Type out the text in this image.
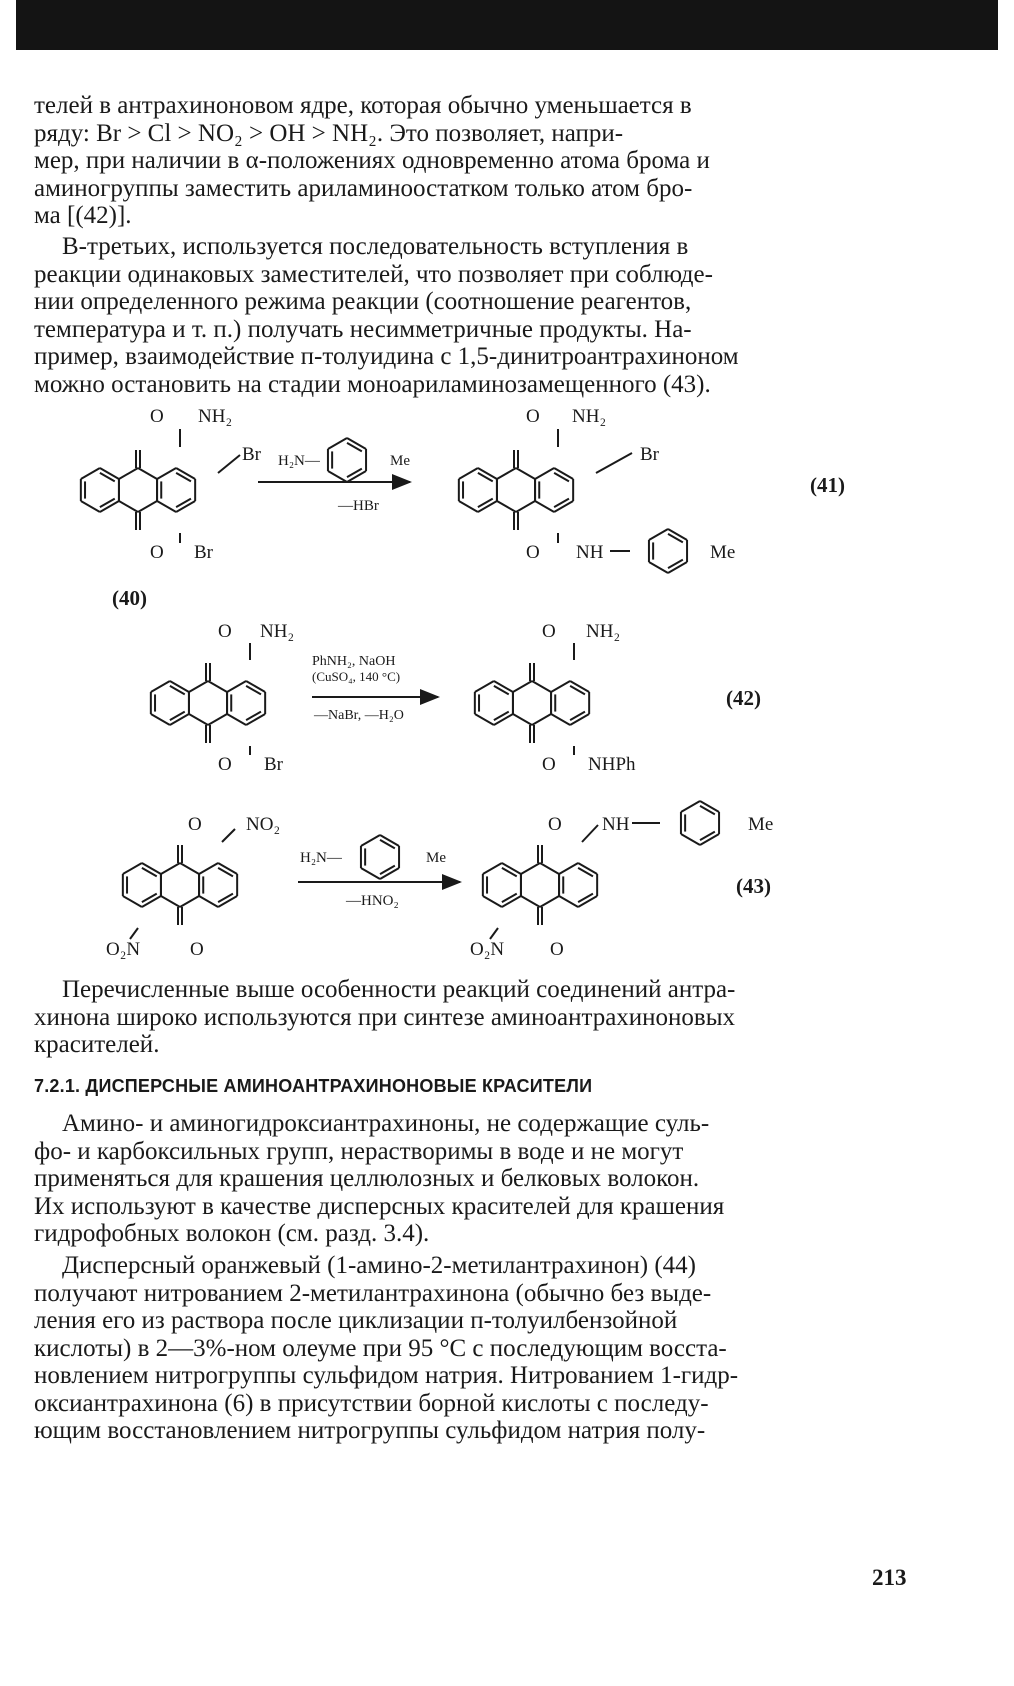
телей в антрахиноновом ядре, которая обычно уменьшается в
ряду: Br > Cl > NO₂ > OH > NH₂. Это позволяет, напри-
мер, при наличии в α-положениях одновременно атома брома и
аминогруппы заместить ариламиноостатком только атом бро-
ма [(42)].
В-третьих, используется последовательность вступления в
реакции одинаковых заместителей, что позволяет при соблюде-
нии определенного режима реакции (соотношение реагентов,
температура и т. п.) получать несимметричные продукты. На-
пример, взаимодействие п-толуидина с 1,5-динитроантрахиноном
можно остановить на стадии моноариламинозамещенного (43).
O NH₂
Br
O Br
H₂N—	Me
—HBr
O NH₂
Br
O NH	Me
(41)
(40)
O NH₂
O Br
PhNH₂, NaOH
(CuSO₄, 140 °C)
—NaBr, —H₂O
O NH₂
O NHPh
(42)
O NO₂
O₂N	O
H₂N—	Me
—HNO₂
O NH	Me
O₂N O
(43)
Перечисленные выше особенности реакций соединений антра-
хинона широко используются при синтезе аминоантрахиноновых
красителей.
7.2.1. ДИСПЕРСНЫЕ АМИНОАНТРАХИНОНОВЫЕ КРАСИТЕЛИ
Амино- и аминогидроксиантрахиноны, не содержащие суль-
фо- и карбоксильных групп, нерастворимы в воде и не могут
применяться для крашения целлюлозных и белковых волокон.
Их используют в качестве дисперсных красителей для крашения
гидрофобных волокон (см. разд. 3.4).
Дисперсный оранжевый (1-амино-2-метилантрахинон) (44)
получают нитрованием 2-метилантрахинона (обычно без выде-
ления его из раствора после циклизации п-толуилбензойной
кислоты) в 2—3%-ном олеуме при 95 °С с последующим восста-
новлением нитрогруппы сульфидом натрия. Нитрованием 1-гидр-
оксиантрахинона (6) в присутствии борной кислоты с последу-
ющим восстановлением нитрогруппы сульфидом натрия полу-
213
